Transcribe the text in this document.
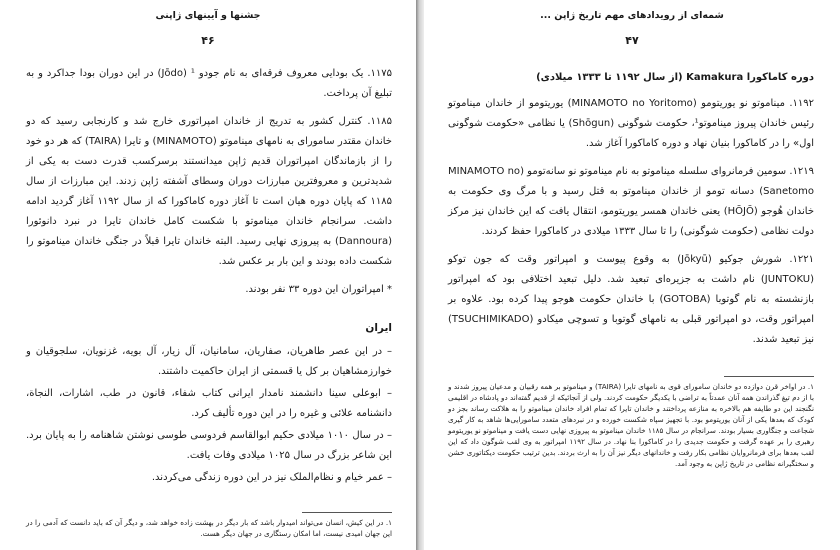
جشنها و آیینهای ژاپنی
۴۶

۱۱۷۵. یک بودایی معروف فرقه‌ای به نام جودو ¹ (Jōdo) در این دوران بودا جداکرد و به تبلیغ آن پرداخت.

۱۱۸۵. کنترل کشور به تدریج از خاندان امپراتوری خارج شد و کارنجابی رسید که دو خاندان مقتدر سامورای به نامهای میناموتو (MINAMOTO) و تایرا (TAIRA) که هر دو خود را از بازماندگان امپراتوران قدیم ژاپن میدانستند برسرکسب قدرت دست به یکی از شدیدترین و معروفترین مبارزات دوران وسطای آشفته ژاپن زدند. این مبارزات از سال ۱۱۸۵ که پایان دوره هیان است تا آغاز دوره کاماکورا که از سال ۱۱۹۲ آغاز گردید ادامه داشت. سرانجام خاندان میناموتو با شکست کامل خاندان تایرا در نبرد دانوئورا (Dannoura) به پیروزی نهایی رسید. البته خاندان تایرا قبلاً در جنگی خاندان میناموتو را شکست داده بودند و این بار بر عکس شد.

* امپراتوران این دوره ۳۳ نفر بودند.

ایران

– در این عصر طاهریان، صفاریان، سامانیان، آل زیار، آل بویه، غزنویان، سلجوقیان و خوارزمشاهیان بر کل یا قسمتی از ایران حاکمیت داشتند.

– ابوعلی سینا دانشمند نامدار ایرانی کتاب شفاء، قانون در طب، اشارات، النجاة، دانشنامه علائی و غیره را در این دوره تألیف کرد.

– در سال ۱۰۱۰ میلادی حکیم ابوالقاسم فردوسی طوسی نوشتن شاهنامه را به پایان برد. این شاعر بزرگ در سال ۱۰۲۵ میلادی وفات یافت.

– عمر خیام و نظام‌الملک نیز در این دوره زندگی می‌کردند.

۱. در این کیش، انسان می‌تواند امیدوار باشد که بار دیگر در بهشت زاده خواهد شد، و دیگر آن که باید دانست که آدمی را در این جهان امیدی نیست، اما امکان رستگاری در جهان دیگر هست.

شمه‌ای از رویدادهای مهم تاریخ ژاپن ...
۴۷

دوره کاماکورا Kamakura (از سال ۱۱۹۲ تا ۱۳۳۳ میلادی)

۱۱۹۲. میناموتو نو یوریتومو (MINAMOTO no Yoritomo) یوریتومو از خاندان میناموتو رئیس خاندان پیروز میناموتو¹، حکومت شوگونی (Shōgun) یا نظامی «حکومت شوگونی اول» را در کاماکورا بنیان نهاد و دوره کاماکورا آغاز شد.

۱۲۱۹. سومین فرمانروای سلسله میناموتو به نام میناموتو نو سانه‌تومو (MINAMOTO no Sanetomo) دسانه تومو از خاندان میناموتو به قتل رسید و با مرگ وی حکومت به خاندان هُوجو (HŌJŌ) یعنی خاندان همسر یوریتومو، انتقال یافت که این خاندان نیز مرکز دولت نظامی (حکومت شوگونی) را تا سال ۱۳۳۳ میلادی در کاماکورا حفظ کردند.

۱۲۲۱. شورش جوکیو (Jōkyū) به وقوع پیوست و امپراتور وقت که جون توکو (JUNTOKU) نام داشت به جزیره‌ای تبعید شد. دلیل تبعید اختلافی بود که امپراتور بازنشسته به نام گوتوبا (GOTOBA) با خاندان حکومت هوجو پیدا کرده بود. علاوه بر امپراتور وقت، دو امپراتور قبلی به نامهای گوتوبا و تسوچی میکادو (TSUCHIMIKADO) نیز تبعید شدند.

۱. در اواخر قرن دوازده دو خاندان سامورای قوی به نامهای تایرا (TAIRA) و میناموتو بر همه رقبیان و مدعیان پیروز شدند و با از دم تیغ گذراندن همه آنان عمدتاً به تراضی با یکدیگر حکومت کردند. ولی از آنجائیکه از قدیم گفته‌اند دو پادشاه در اقلیمی نگنجند این دو طایفه هم بالاخره به منازعه پرداختند و خاندان تایرا که تمام افراد خاندان میناموتو را به هلاکت رساند بجز دو کودک که بعدها یکی از آنان یوریتومو بود. با تجهیز سپاه شکست خورده و در نبردهای متعدد سامورایی‌ها شاهد به کار گیری شجاعت و جنگاوری بسیار بودند. سرانجام در سال ۱۱۸۵ خاندان میناموتو به پیروزی نهایی دست یافت و میناموتو نو یوریتومو رهبری را بر عهده گرفت و حکومت جدیدی را در کاماکورا بنا نهاد. در سال ۱۱۹۲ امپراتور به وی لقب شوگون داد که این لقب بعدها برای فرمانروایان نظامی بکار رفت و خاندانهای دیگر نیز آن را به ارث بردند. بدین ترتیب حکومت دیکتاتوری خشن و سختگیرانه نظامی در تاریخ ژاپن به وجود آمد.
